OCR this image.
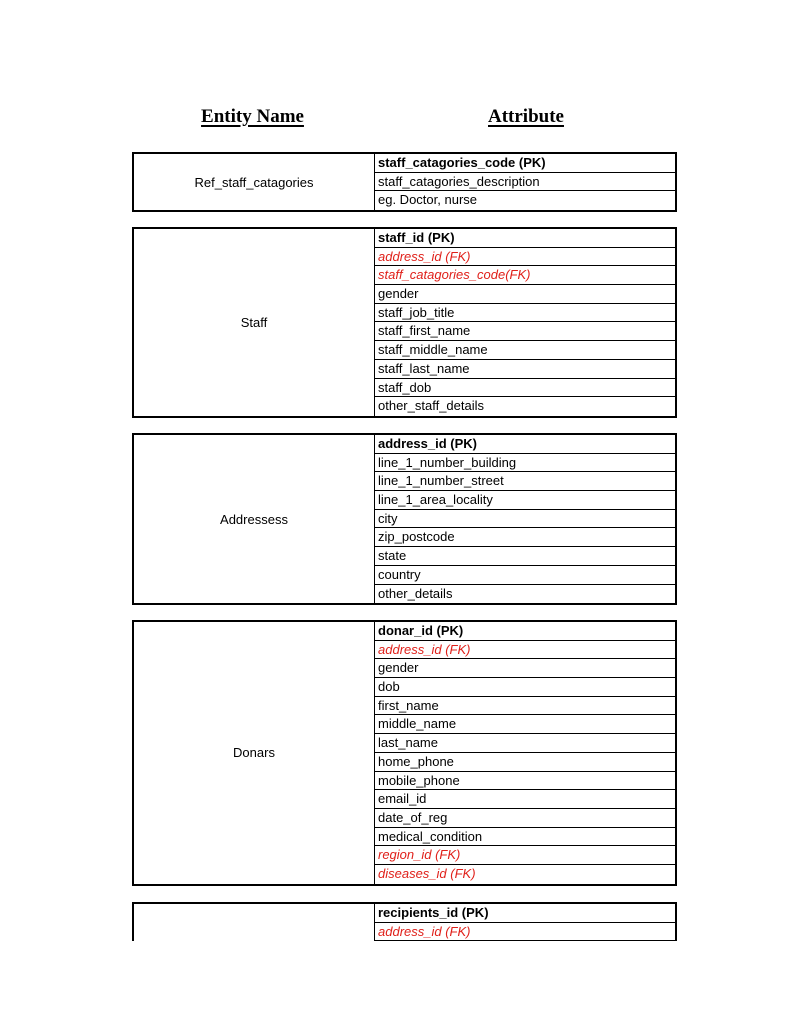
Entity Name	Attribute
Ref_staff_catagories
staff_catagories_code (PK)
staff_catagories_description
eg. Doctor, nurse
Staff
staff_id (PK)
address_id (FK)
staff_catagories_code(FK)
gender
staff_job_title
staff_first_name
staff_middle_name
staff_last_name
staff_dob
other_staff_details
Addressess
address_id (PK)
line_1_number_building
line_1_number_street
line_1_area_locality
city
zip_postcode
state
country
other_details
Donars
donar_id (PK)
address_id (FK)
gender
dob
first_name
middle_name
last_name
home_phone
mobile_phone
email_id
date_of_reg
medical_condition
region_id (FK)
diseases_id (FK)
recipients_id (PK)
address_id (FK)
